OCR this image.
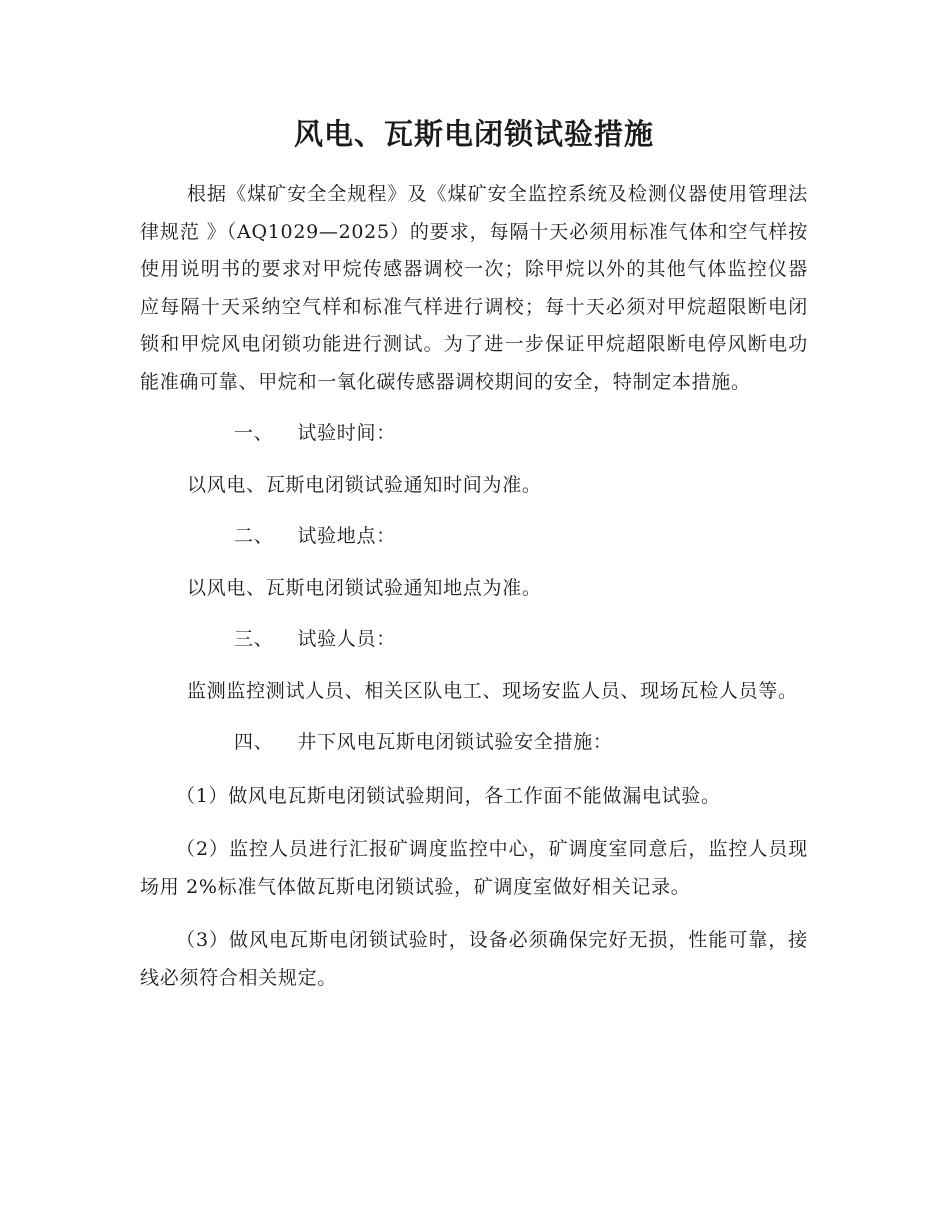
风电、瓦斯电闭锁试验措施

根据《煤矿安全全规程》及《煤矿安全监控系统及检测仪器使用管理法律规范 》（AQ1029—2025）的要求，每隔十天必须用标准气体和空气样按使用说明书的要求对甲烷传感器调校一次；除甲烷以外的其他气体监控仪器应每隔十天采纳空气样和标准气样进行调校；每十天必须对甲烷超限断电闭锁和甲烷风电闭锁功能进行测试。为了进一步保证甲烷超限断电停风断电功能准确可靠、甲烷和一氧化碳传感器调校期间的安全，特制定本措施。

一、 试验时间：

以风电、瓦斯电闭锁试验通知时间为准。

二、 试验地点：

以风电、瓦斯电闭锁试验通知地点为准。

三、 试验人员：

监测监控测试人员、相关区队电工、现场安监人员、现场瓦检人员等。

四、 井下风电瓦斯电闭锁试验安全措施：

（1）做风电瓦斯电闭锁试验期间，各工作面不能做漏电试验。

（2）监控人员进行汇报矿调度监控中心，矿调度室同意后，监控人员现场用 2%标准气体做瓦斯电闭锁试验，矿调度室做好相关记录。

（3）做风电瓦斯电闭锁试验时，设备必须确保完好无损，性能可靠，接线必须符合相关规定。
